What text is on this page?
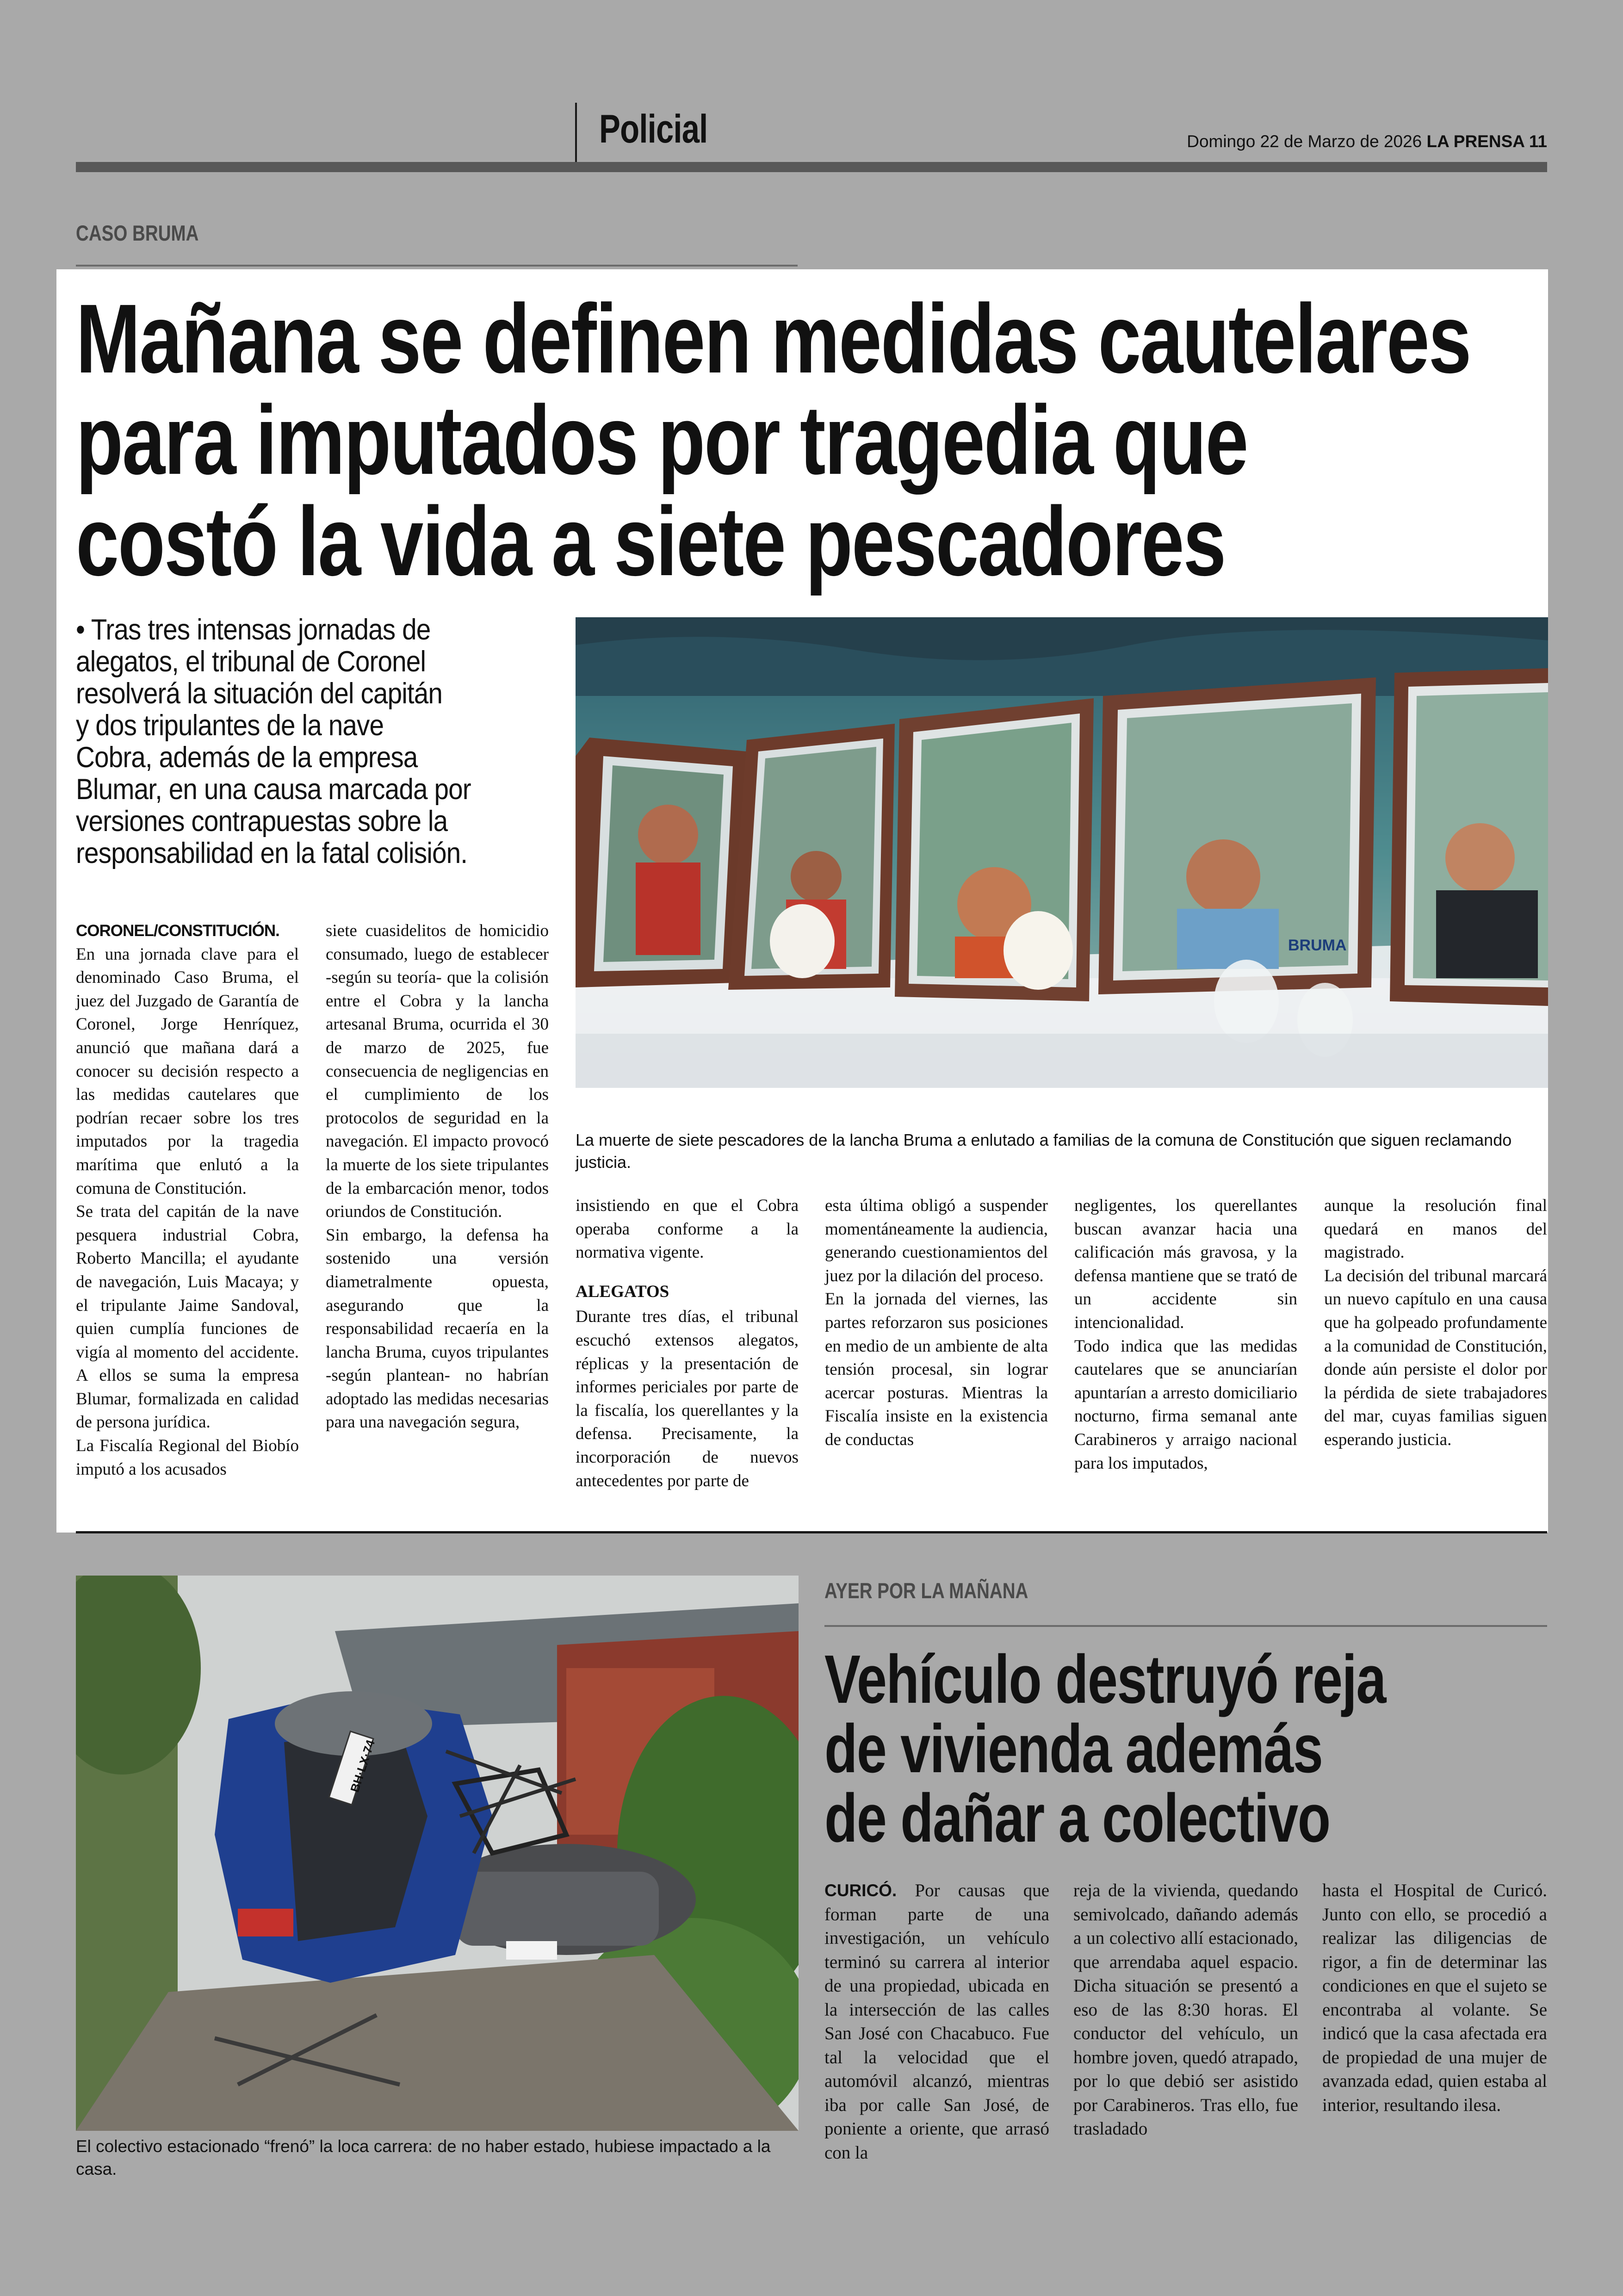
Policial	Domingo 22 de Marzo de 2026 LA PRENSA 11
CASO BRUMA
Mañana se definen medidas cautelares
para imputados por tragedia que
costó la vida a siete pescadores
• Tras tres intensas jornadas de
alegatos, el tribunal de Coronel
resolverá la situación del capitán
y dos tripulantes de la nave
Cobra, además de la empresa
Blumar, en una causa marcada por
versiones contrapuestas sobre la
responsabilidad en la fatal colisión.
BRUMA
La muerte de siete pescadores de la lancha Bruma a enlutado a familias de la comuna de Constitución que siguen reclamando justicia.

CORONEL/CONSTITUCIÓN. En una jornada clave para el denominado Caso Bruma, el juez del Juzgado de Garantía de Coronel, Jorge Henríquez, anunció que mañana dará a conocer su decisión respecto a las medidas cautelares que podrían recaer sobre los tres imputados por la tragedia marítima que enlutó a la comuna de Constitución.

Se trata del capitán de la nave pesquera industrial Cobra, Roberto Mancilla; el ayudante de navegación, Luis Macaya; y el tripulante Jaime Sandoval, quien cumplía funciones de vigía al momento del accidente. A ellos se suma la empresa Blumar, formalizada en calidad de persona jurídica.

La Fiscalía Regional del Biobío imputó a los acusados

siete cuasidelitos de homicidio consumado, luego de establecer -según su teoría- que la colisión entre el Cobra y la lancha artesanal Bruma, ocurrida el 30 de marzo de 2025, fue consecuencia de negligencias en el cumplimiento de los protocolos de seguridad en la navegación. El impacto provocó la muerte de los siete tripulantes de la embarcación menor, todos oriundos de Constitución.

Sin embargo, la defensa ha sostenido una versión diametralmente opuesta, asegurando que la responsabilidad recaería en la lancha Bruma, cuyos tripulantes -según plantean- no habrían adoptado las medidas necesarias para una navegación segura,

insistiendo en que el Cobra operaba conforme a la normativa vigente.

ALEGATOS

Durante tres días, el tribunal escuchó extensos alegatos, réplicas y la presentación de informes periciales por parte de la fiscalía, los querellantes y la defensa. Precisamente, la incorporación de nuevos antecedentes por parte de

esta última obligó a suspender momentáneamente la audiencia, generando cuestionamientos del juez por la dilación del proceso.

En la jornada del viernes, las partes reforzaron sus posiciones en medio de un ambiente de alta tensión procesal, sin lograr acercar posturas. Mientras la Fiscalía insiste en la existencia de conductas

negligentes, los querellantes buscan avanzar hacia una calificación más gravosa, y la defensa mantiene que se trató de un accidente sin intencionalidad.

Todo indica que las medidas cautelares que se anunciarían apuntarían a arresto domiciliario nocturno, firma semanal ante Carabineros y arraigo nacional para los imputados,

aunque la resolución final quedará en manos del magistrado.

La decisión del tribunal marcará un nuevo capítulo en una causa que ha golpeado profundamente a la comunidad de Constitución, donde aún persiste el dolor por la pérdida de siete trabajadores del mar, cuyas familias siguen esperando justicia.

BH·LX·74
El colectivo estacionado “frenó” la loca carrera: de no haber estado, hubiese impactado a la casa.
AYER POR LA MAÑANA
Vehículo destruyó reja
de vivienda además
de dañar a colectivo
CURICÓ. Por causas que forman parte de una investigación, un vehículo terminó su carrera al interior de una propiedad, ubicada en la intersección de las calles San José con Chacabuco. Fue tal la velocidad que el automóvil alcanzó, mientras iba por calle San José, de poniente a oriente, que arrasó con la
reja de la vivienda, quedando semivolcado, dañando además a un colectivo allí estacionado, que arrendaba aquel espacio. Dicha situación se presentó a eso de las 8:30 horas. El conductor del vehículo, un hombre joven, quedó atrapado, por lo que debió ser asistido por Carabineros. Tras ello, fue trasladado
hasta el Hospital de Curicó. Junto con ello, se procedió a realizar las diligencias de rigor, a fin de determinar las condiciones en que el sujeto se encontraba al volante. Se indicó que la casa afectada era de propiedad de una mujer de avanzada edad, quien estaba al interior, resultando ilesa.
